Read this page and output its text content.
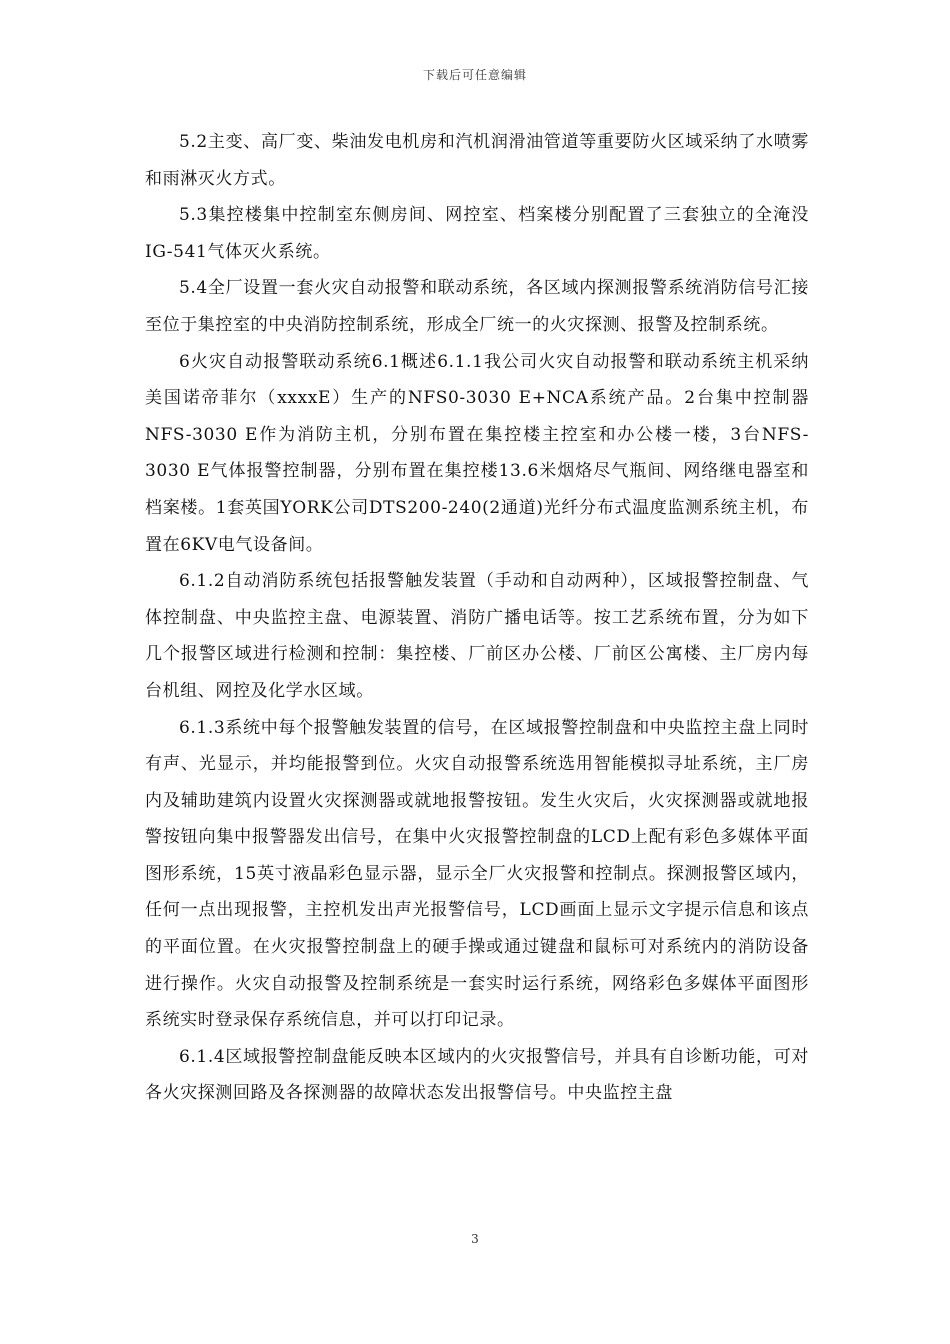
下载后可任意编辑

5.2主变、高厂变、柴油发电机房和汽机润滑油管道等重要防火区域采纳了水喷雾和雨淋灭火方式。

5.3集控楼集中控制室东侧房间、网控室、档案楼分别配置了三套独立的全淹没IG-541气体灭火系统。

5.4全厂设置一套火灾自动报警和联动系统，各区域内探测报警系统消防信号汇接至位于集控室的中央消防控制系统，形成全厂统一的火灾探测、报警及控制系统。

6火灾自动报警联动系统6.1概述6.1.1我公司火灾自动报警和联动系统主机采纳美国诺帝菲尔（xxxxE）生产的NFS0-3030 E+NCA系统产品。2台集中控制器NFS-3030 E作为消防主机，分别布置在集控楼主控室和办公楼一楼，3台NFS-3030 E气体报警控制器，分别布置在集控楼13.6米烟烙尽气瓶间、网络继电器室和档案楼。1套英国YORK公司DTS200-240(2通道)光纤分布式温度监测系统主机，布置在6KV电气设备间。

6.1.2自动消防系统包括报警触发装置（手动和自动两种），区域报警控制盘、气体控制盘、中央监控主盘、电源装置、消防广播电话等。按工艺系统布置，分为如下几个报警区域进行检测和控制：集控楼、厂前区办公楼、厂前区公寓楼、主厂房内每台机组、网控及化学水区域。

6.1.3系统中每个报警触发装置的信号，在区域报警控制盘和中央监控主盘上同时有声、光显示，并均能报警到位。火灾自动报警系统选用智能模拟寻址系统，主厂房内及辅助建筑内设置火灾探测器或就地报警按钮。发生火灾后，火灾探测器或就地报警按钮向集中报警器发出信号，在集中火灾报警控制盘的LCD上配有彩色多媒体平面图形系统，15英寸液晶彩色显示器，显示全厂火灾报警和控制点。探测报警区域内，任何一点出现报警，主控机发出声光报警信号，LCD画面上显示文字提示信息和该点的平面位置。在火灾报警控制盘上的硬手操或通过键盘和鼠标可对系统内的消防设备进行操作。火灾自动报警及控制系统是一套实时运行系统，网络彩色多媒体平面图形系统实时登录保存系统信息，并可以打印记录。

6.1.4区域报警控制盘能反映本区域内的火灾报警信号，并具有自诊断功能，可对各火灾探测回路及各探测器的故障状态发出报警信号。中央监控主盘

3
